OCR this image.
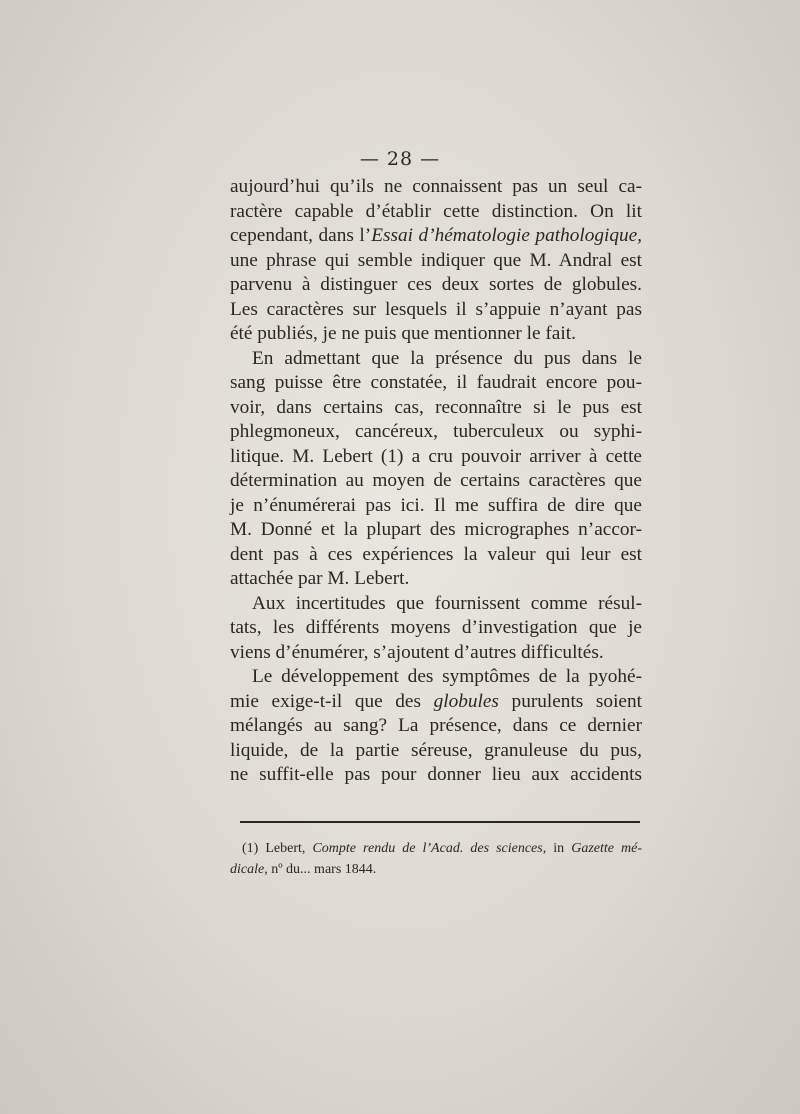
— 28 —
aujourd’hui qu’ils ne connaissent pas un seul ca-
ractère capable d’établir cette distinction. On lit
cependant, dans l’Essai d’hématologie pathologique,
une phrase qui semble indiquer que M. Andral est
parvenu à distinguer ces deux sortes de globules.
Les caractères sur lesquels il s’appuie n’ayant pas
été publiés, je ne puis que mentionner le fait.
En admettant que la présence du pus dans le
sang puisse être constatée, il faudrait encore pou-
voir, dans certains cas, reconnaître si le pus est
phlegmoneux, cancéreux, tuberculeux ou syphi-
litique. M. Lebert (1) a cru pouvoir arriver à cette
détermination au moyen de certains caractères que
je n’énumérerai pas ici. Il me suffira de dire que
M. Donné et la plupart des micrographes n’accor-
dent pas à ces expériences la valeur qui leur est
attachée par M. Lebert.
Aux incertitudes que fournissent comme résul-
tats, les différents moyens d’investigation que je
viens d’énumérer, s’ajoutent d’autres difficultés.
Le développement des symptômes de la pyohé-
mie exige-t-il que des globules purulents soient
mélangés au sang? La présence, dans ce dernier
liquide, de la partie séreuse, granuleuse du pus,
ne suffit-elle pas pour donner lieu aux accidents
(1) Lebert, Compte rendu de l’Acad. des sciences, in Gazette mé-
dicale, nº du... mars 1844.
